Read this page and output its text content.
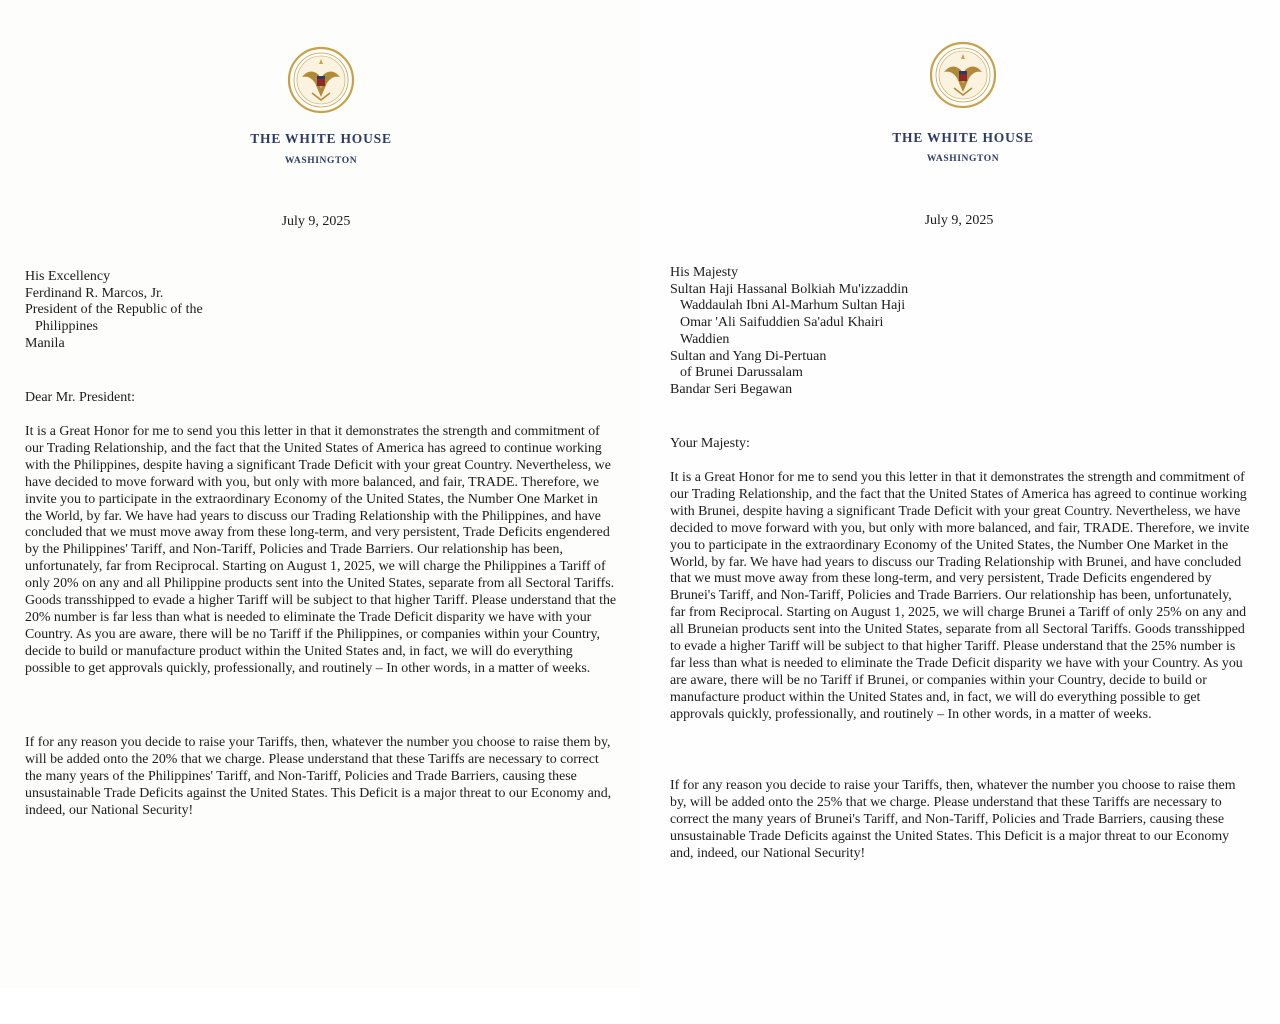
THE WHITE HOUSE
WASHINGTON
July 9, 2025
His Excellency
Ferdinand R. Marcos, Jr.
President of the Republic of the
Philippines
Manila
Dear Mr. President:

It is a Great Honor for me to send you this letter in that it demonstrates the strength and commitment of our Trading Relationship, and the fact that the United States of America has agreed to continue working with the Philippines, despite having a significant Trade Deficit with your great Country. Nevertheless, we have decided to move forward with you, but only with more balanced, and fair, TRADE. Therefore, we invite you to participate in the extraordinary Economy of the United States, the Number One Market in the World, by far. We have had years to discuss our Trading Relationship with the Philippines, and have concluded that we must move away from these long-term, and very persistent, Trade Deficits engendered by the Philippines' Tariff, and Non-Tariff, Policies and Trade Barriers. Our relationship has been, unfortunately, far from Reciprocal. Starting on August 1, 2025, we will charge the Philippines a Tariff of only 20% on any and all Philippine products sent into the United States, separate from all Sectoral Tariffs. Goods transshipped to evade a higher Tariff will be subject to that higher Tariff. Please understand that the 20% number is far less than what is needed to eliminate the Trade Deficit disparity we have with your Country. As you are aware, there will be no Tariff if the Philippines, or companies within your Country, decide to build or manufacture product within the United States and, in fact, we will do everything possible to get approvals quickly, professionally, and routinely – In other words, in a matter of weeks.

If for any reason you decide to raise your Tariffs, then, whatever the number you choose to raise them by, will be added onto the 20% that we charge. Please understand that these Tariffs are necessary to correct the many years of the Philippines' Tariff, and Non-Tariff, Policies and Trade Barriers, causing these unsustainable Trade Deficits against the United States. This Deficit is a major threat to our Economy and, indeed, our National Security!

THE WHITE HOUSE
WASHINGTON
July 9, 2025
His Majesty
Sultan Haji Hassanal Bolkiah Mu'izzaddin
Waddaulah Ibni Al-Marhum Sultan Haji
Omar 'Ali Saifuddien Sa'adul Khairi
Waddien
Sultan and Yang Di-Pertuan
of Brunei Darussalam
Bandar Seri Begawan
Your Majesty:

It is a Great Honor for me to send you this letter in that it demonstrates the strength and commitment of our Trading Relationship, and the fact that the United States of America has agreed to continue working with Brunei, despite having a significant Trade Deficit with your great Country. Nevertheless, we have decided to move forward with you, but only with more balanced, and fair, TRADE. Therefore, we invite you to participate in the extraordinary Economy of the United States, the Number One Market in the World, by far. We have had years to discuss our Trading Relationship with Brunei, and have concluded that we must move away from these long-term, and very persistent, Trade Deficits engendered by Brunei's Tariff, and Non-Tariff, Policies and Trade Barriers. Our relationship has been, unfortunately, far from Reciprocal. Starting on August 1, 2025, we will charge Brunei a Tariff of only 25% on any and all Bruneian products sent into the United States, separate from all Sectoral Tariffs. Goods transshipped to evade a higher Tariff will be subject to that higher Tariff. Please understand that the 25% number is far less than what is needed to eliminate the Trade Deficit disparity we have with your Country. As you are aware, there will be no Tariff if Brunei, or companies within your Country, decide to build or manufacture product within the United States and, in fact, we will do everything possible to get approvals quickly, professionally, and routinely – In other words, in a matter of weeks.

If for any reason you decide to raise your Tariffs, then, whatever the number you choose to raise them by, will be added onto the 25% that we charge. Please understand that these Tariffs are necessary to correct the many years of Brunei's Tariff, and Non-Tariff, Policies and Trade Barriers, causing these unsustainable Trade Deficits against the United States. This Deficit is a major threat to our Economy and, indeed, our National Security!
